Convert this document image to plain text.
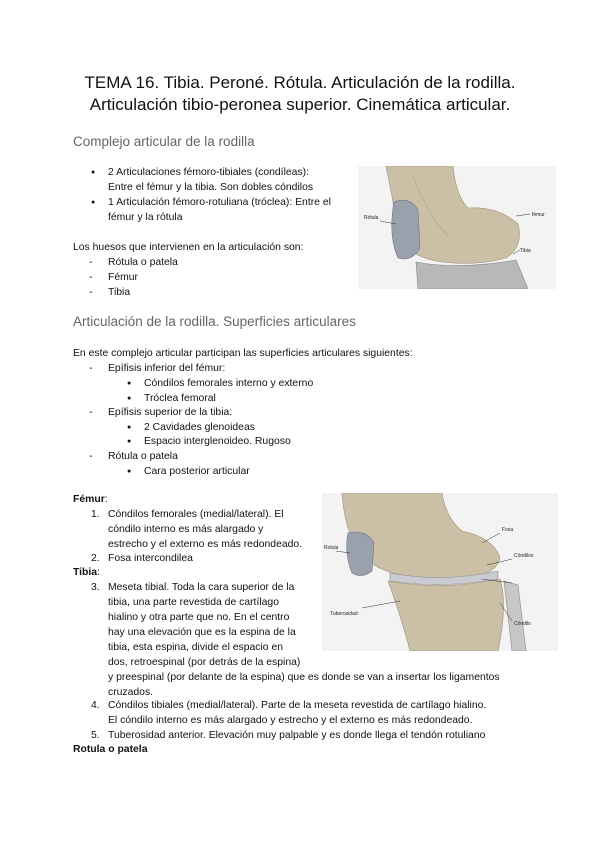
TEMA 16. Tibia. Peroné. Rótula. Articulación de la rodilla.
Articulación tibio-peronea superior. Cinemática articular.
Complejo articular de la rodilla
● 2 Articulaciones fémoro-tibiales (condíleas):
Entre el fémur y la tibia. Son dobles cóndilos
● 1 Articulación fémoro-rotuliana (tróclea): Entre el
fémur y la rótula
Los huesos que intervienen en la articulación son:
- Rótula o patela
- Fémur
- Tibia
Rótula	fémur
Tibia
Articulación de la rodilla. Superficies articulares
En este complejo articular participan las superficies articulares siguientes:
- Epífisis inferior del fémur:
● Cóndilos femorales interno y externo
● Tróclea femoral
- Epífisis superior de la tibia:
● 2 Cavidades glenoideas
● Espacio interglenoideo. Rugoso
- Rótula o patela
● Cara posterior articular
Fémur:
1. Cóndilos femorales (medial/lateral). El
cóndilo interno es más alargado y
estrecho y el externo es más redondeado.
2. Fosa intercondilea
Tibia:
3. Meseta tibial. Toda la cara superior de la
tibia, una parte revestida de cartílago
hialino y otra parte que no. En el centro
hay una elevación que es la espina de la
tibia, esta espina, divide el espacio en
dos, retroespinal (por detrás de la espina)
y preespinal (por delante de la espina) que es donde se van a insertar los ligamentos
cruzados.
4. Cóndilos tibiales (medial/lateral). Parte de la meseta revestida de cartílago hialino.
El cóndilo interno es más alargado y estrecho y el externo es más redondeado.
5. Tuberosidad anterior. Elevación muy palpable y es donde llega el tendón rotuliano
Rotula o patela
Rotula
Fosa
Cóndilos
Tuberosidad
Cóndilo
